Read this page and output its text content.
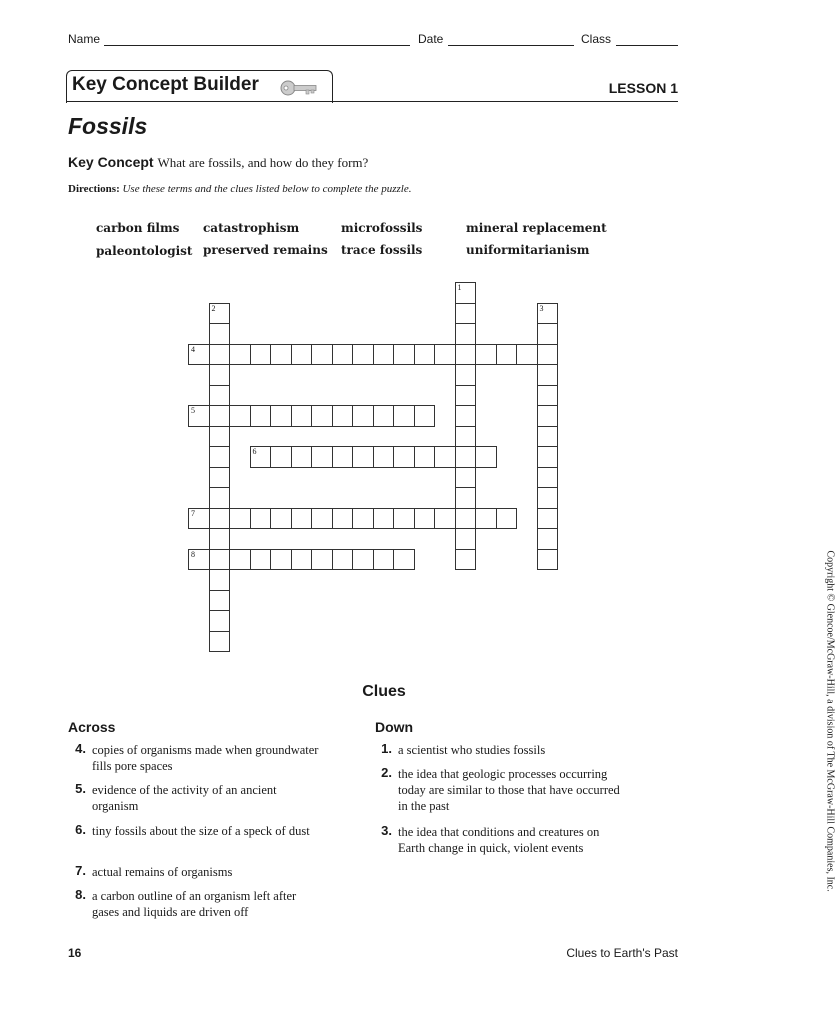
Name	Date	Class
Key Concept Builder	LESSON 1
Fossils
Key Concept What are fossils, and how do they form?
Directions: Use these terms and the clues listed below to complete the puzzle.
carbon films catastrophism	microfossils	mineral replacement
paleontologist preserved remains trace fossils	uniformitarianism
4
5
6
7
8
1
2	3
Clues
Across	Down
4. copies of organisms made when groundwater fills pore spaces
5. evidence of the activity of an ancient organism
6. tiny fossils about the size of a speck of dust
7. actual remains of organisms
8. a carbon outline of an organism left after gases and liquids are driven off
1. a scientist who studies fossils
2. the idea that geologic processes occurring today are similar to those that have occurred in the past
3. the idea that conditions and creatures on Earth change in quick, violent events
16	Clues to Earth's Past
Copyright © Glencoe/McGraw-Hill, a division of The McGraw-Hill Companies, Inc.
